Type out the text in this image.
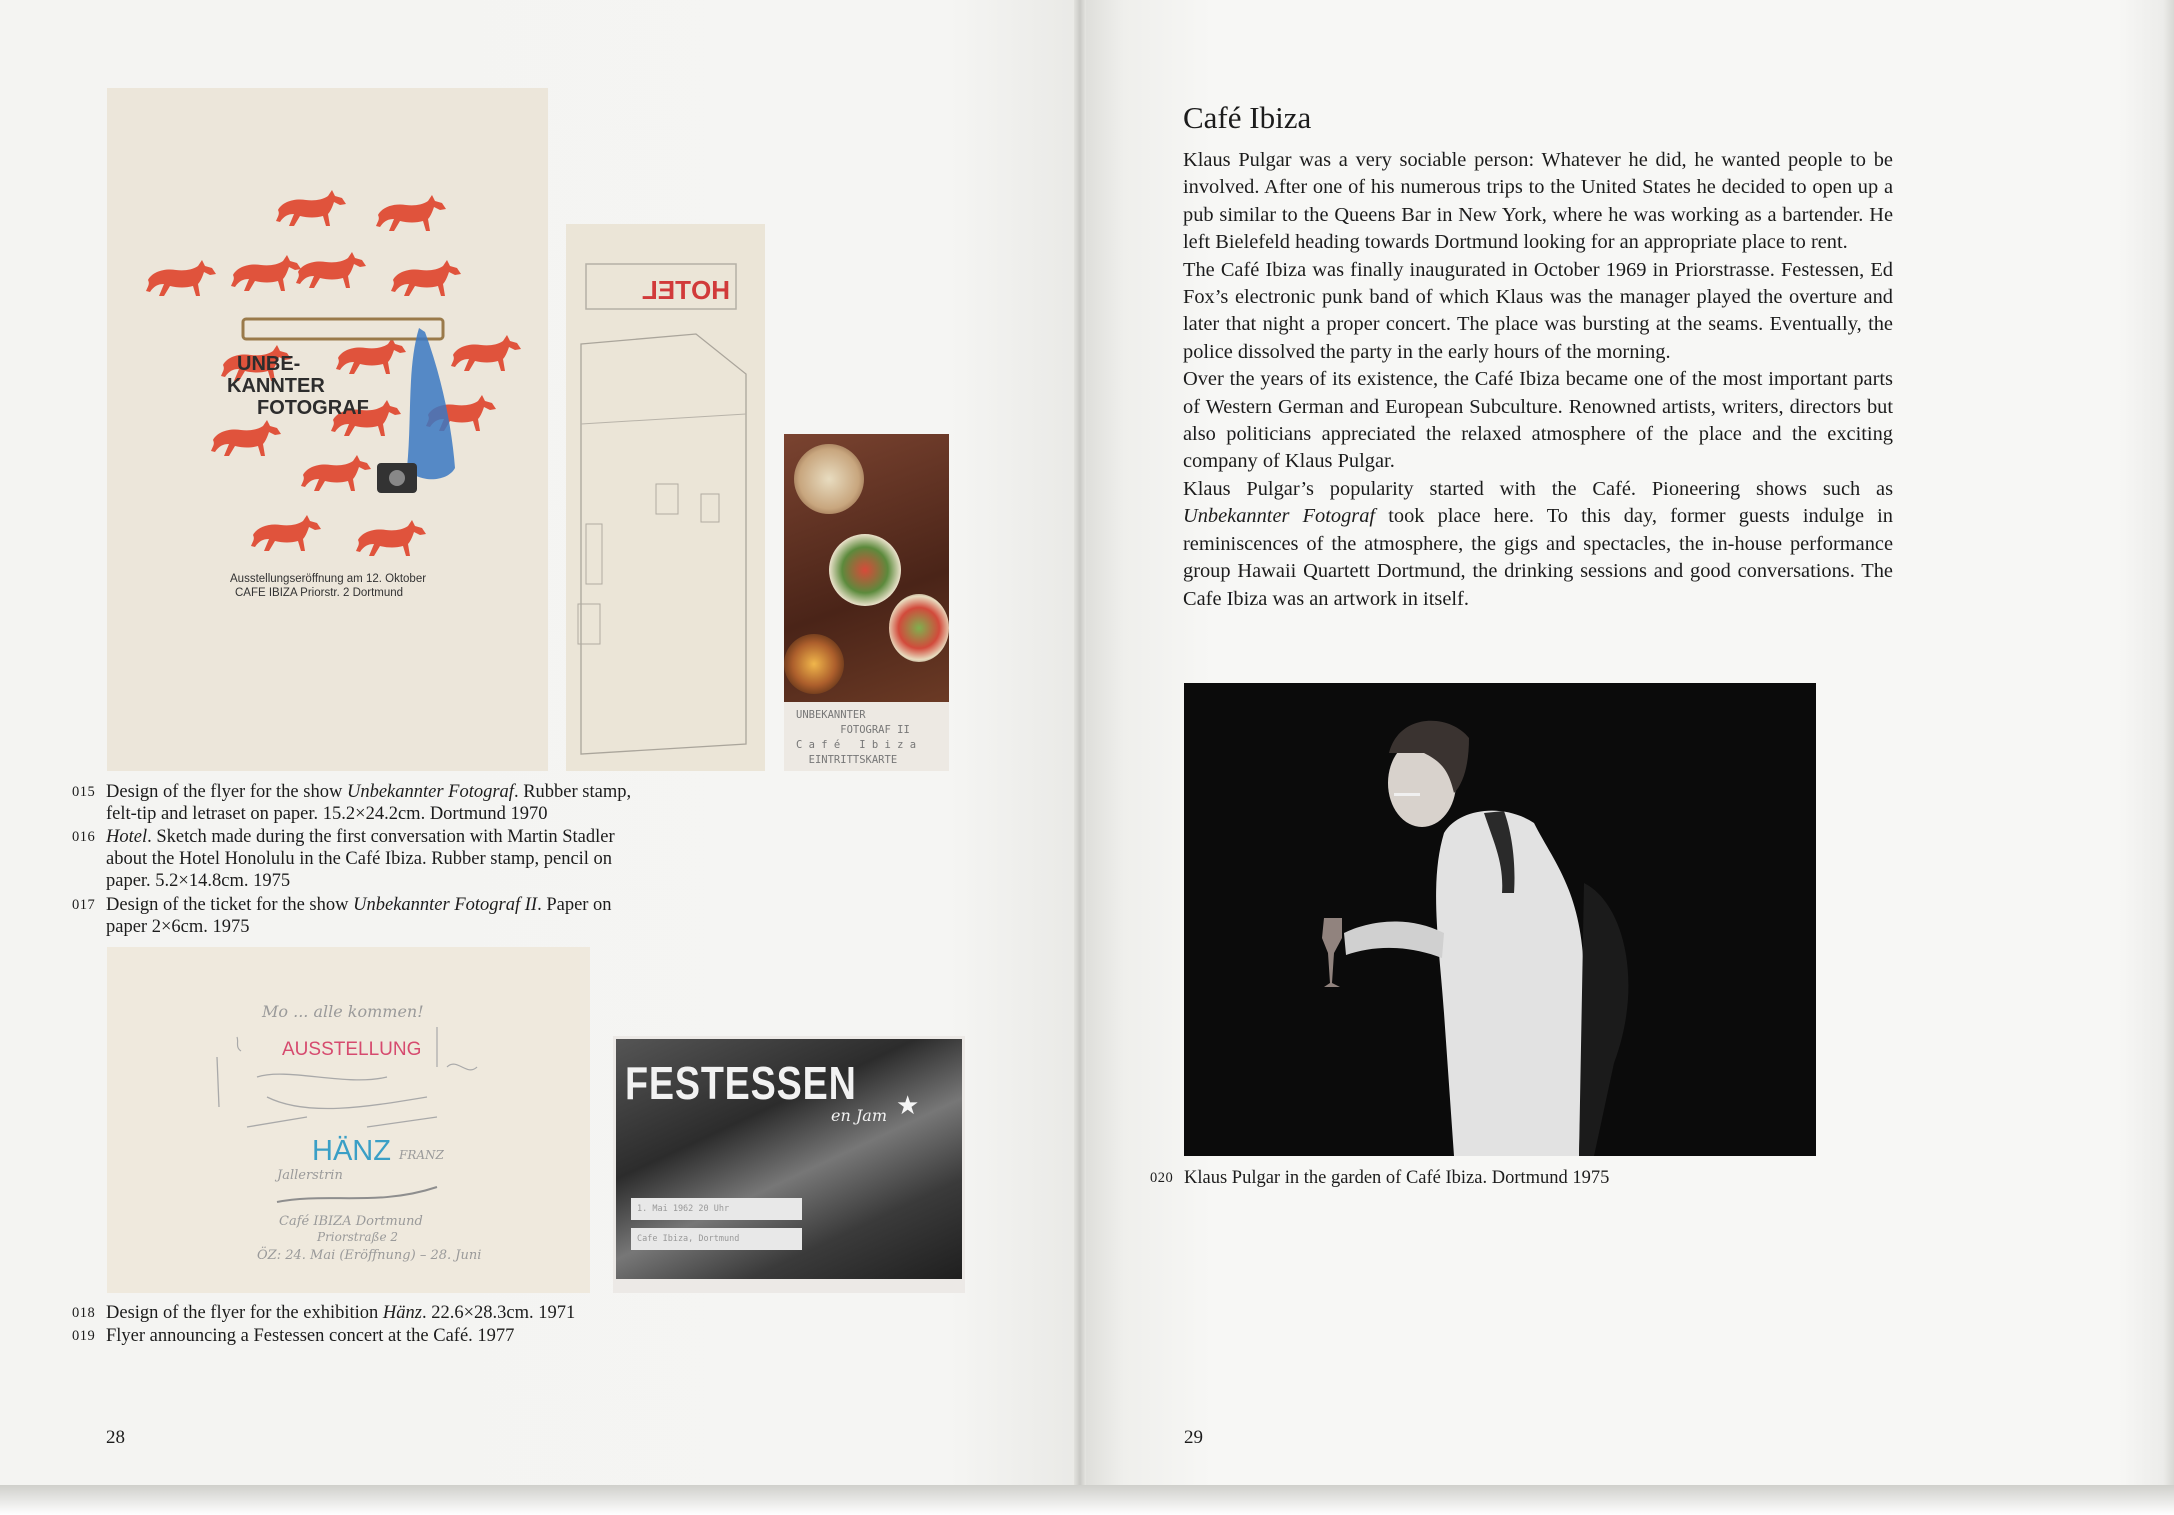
UNBE-
KANNTER
FOTOGRAF
Ausstellungseröffnung am 12. Oktober
CAFE IBIZA Priorstr. 2 Dortmund
HOTEL
UNBEKANNTER
FOTOGRAF II
C a f é   I b i z a
EINTRITTSKARTE
015 Design of the flyer for the show Unbekannter Fotograf. Rubber stamp,
felt-tip and letraset on paper. 15.2×24.2cm. Dortmund 1970
016 Hotel. Sketch made during the first conversation with Martin Stadler
about the Hotel Honolulu in the Café Ibiza. Rubber stamp, pencil on
paper. 5.2×14.8cm. 1975
017 Design of the ticket for the show Unbekannter Fotograf II. Paper on
paper 2×6cm. 1975
Mo ... alle kommen!
AUSSTELLUNG
HÄNZ FRANZ
Jallerstrin
Café IBIZA Dortmund
Priorstraße 2
ÖZ: 24. Mai (Eröffnung) – 28. Juni
FESTESSEN
en Jam ★
1. Mai 1962 20 Uhr
Cafe Ibiza, Dortmund
018 Design of the flyer for the exhibition Hänz. 22.6×28.3cm. 1971
019 Flyer announcing a Festessen concert at the Café. 1977
28
Café Ibiza

Klaus Pulgar was a very sociable person: Whatever he did, he wanted people to be involved. After one of his numerous trips to the United States he decided to open up a pub similar to the Queens Bar in New York, where he was working as a bartender. He left Bielefeld heading towards Dortmund looking for an appropriate place to rent.

The Café Ibiza was finally inaugurated in October 1969 in Priorstrasse. Festessen, Ed Fox’s electronic punk band of which Klaus was the manager played the overture and later that night a proper concert. The place was bursting at the seams. Eventually, the police dissolved the party in the early hours of the morning.

Over the years of its existence, the Café Ibiza became one of the most important parts of Western German and European Subculture. Renowned artists, writers, directors but also politicians appreciated the relaxed atmosphere of the place and the exciting company of Klaus Pulgar.

Klaus Pulgar’s popularity started with the Café. Pioneering shows such as Unbekannter Fotograf took place here. To this day, former guests indulge in reminiscences of the atmosphere, the gigs and spectacles, the in-house performance group Hawaii Quartett Dortmund, the drinking sessions and good conversations. The Cafe Ibiza was an artwork in itself.

020 Klaus Pulgar in the garden of Café Ibiza. Dortmund 1975
29
